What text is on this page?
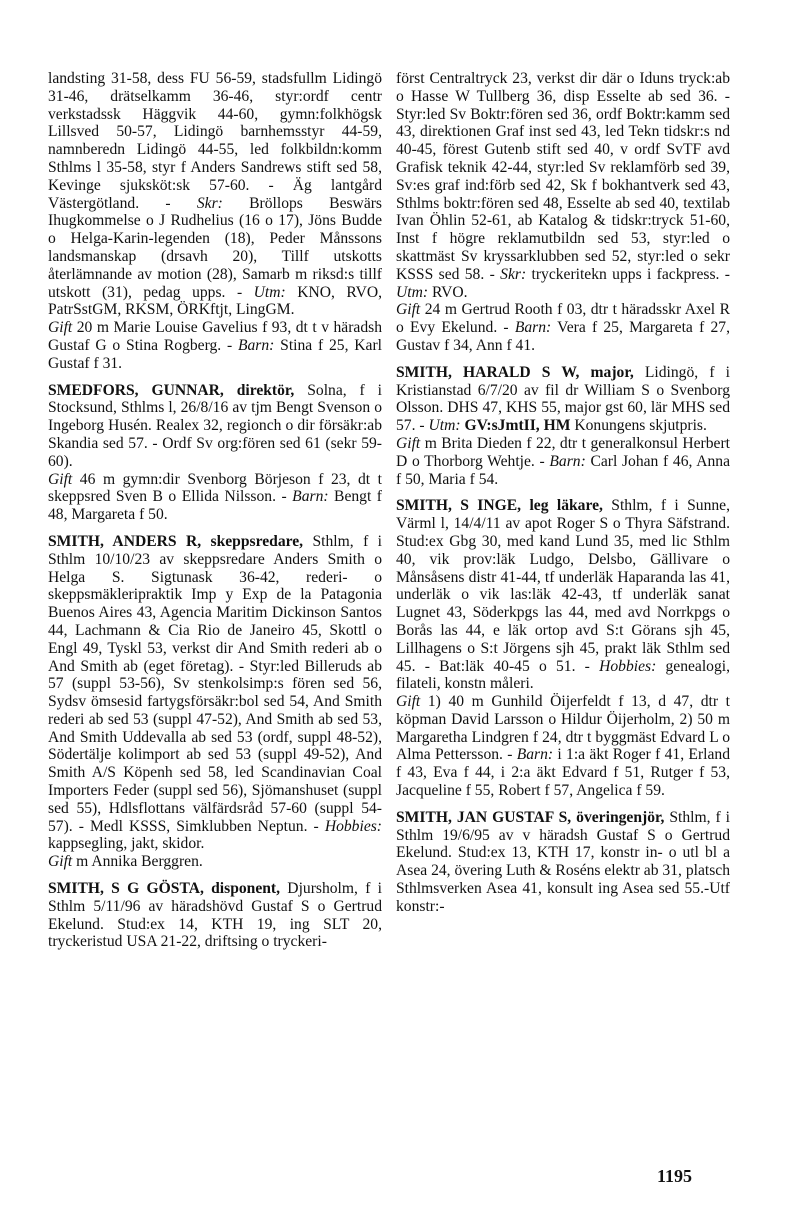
landsting 31-58, dess FU 56-59, stadsfullm Lidingö 31-46, drätselkamm 36-46, styr:ordf centr verkstadssk Häggvik 44-60, gymn:folkhögsk Lillsved 50-57, Lidingö barnhemsstyr 44-59, namnberedn Lidingö 44-55, led folkbildn:komm Sthlms l 35-58, styr f Anders Sandrews stift sed 58, Kevinge sjuksköt:sk 57-60. - Äg lantgård Västergötland. - Skr: Bröllops Beswärs Ihugkommelse o J Rudhelius (16 o 17), Jöns Budde o Helga-Karin-legenden (18), Peder Månssons landsmanskap (drsavh 20), Tillf utskotts återlämnande av motion (28), Samarb m riksd:s tillf utskott (31), pedag upps. - Utm: KNO, RVO, PatrSstGM, RKSM, ÖRKftjt, LingGM.
Gift 20 m Marie Louise Gavelius f 93, dt t v häradsh Gustaf G o Stina Rogberg. - Barn: Stina f 25, Karl Gustaf f 31.

SMEDFORS, GUNNAR, direktör, Solna, f i Stocksund, Sthlms l, 26/8/16 av tjm Bengt Svenson o Ingeborg Husén. Realex 32, regionch o dir försäkr:ab Skandia sed 57. - Ordf Sv org:fören sed 61 (sekr 59-60).
Gift 46 m gymn:dir Svenborg Börjeson f 23, dt t skeppsred Sven B o Ellida Nilsson. - Barn: Bengt f 48, Margareta f 50.

SMITH, ANDERS R, skeppsredare, Sthlm, f i Sthlm 10/10/23 av skeppsredare Anders Smith o Helga S. Sigtunask 36-42, rederi- o skeppsmäkleripraktik Imp y Exp de la Patagonia Buenos Aires 43, Agencia Maritim Dickinson Santos 44, Lachmann & Cia Rio de Janeiro 45, Skottl o Engl 49, Tyskl 53, verkst dir And Smith rederi ab o And Smith ab (eget företag). - Styr:led Billeruds ab 57 (suppl 53-56), Sv stenkolsimp:s fören sed 56, Sydsv ömsesid fartygsförsäkr:bol sed 54, And Smith rederi ab sed 53 (suppl 47-52), And Smith ab sed 53, And Smith Uddevalla ab sed 53 (ordf, suppl 48-52), Södertälje kolimport ab sed 53 (suppl 49-52), And Smith A/S Köpenh sed 58, led Scandinavian Coal Importers Feder (suppl sed 56), Sjömanshuset (suppl sed 55), Hdlsflottans välfärdsråd 57-60 (suppl 54-57). - Medl KSSS, Simklubben Neptun. - Hobbies: kappsegling, jakt, skidor.
Gift m Annika Berggren.

SMITH, S G GÖSTA, disponent, Djursholm, f i Sthlm 5/11/96 av häradshövd Gustaf S o Gertrud Ekelund. Stud:ex 14, KTH 19, ing SLT 20, tryckeristud USA 21-22, driftsing o tryckeri-

först Centraltryck 23, verkst dir där o Iduns tryck:ab o Hasse W Tullberg 36, disp Esselte ab sed 36. - Styr:led Sv Boktr:fören sed 36, ordf Boktr:kamm sed 43, direktionen Graf inst sed 43, led Tekn tidskr:s nd 40-45, förest Gutenb stift sed 40, v ordf SvTF avd Grafisk teknik 42-44, styr:led Sv reklamförb sed 39, Sv:es graf ind:förb sed 42, Sk f bokhantverk sed 43, Sthlms boktr:fören sed 48, Esselte ab sed 40, textilab Ivan Öhlin 52-61, ab Katalog & tidskr:tryck 51-60, Inst f högre reklamutbildn sed 53, styr:led o skattmäst Sv kryssarklubben sed 52, styr:led o sekr KSSS sed 58. - Skr: tryckeritekn upps i fackpress. - Utm: RVO.
Gift 24 m Gertrud Rooth f 03, dtr t häradsskr Axel R o Evy Ekelund. - Barn: Vera f 25, Margareta f 27, Gustav f 34, Ann f 41.

SMITH, HARALD S W, major, Lidingö, f i Kristianstad 6/7/20 av fil dr William S o Svenborg Olsson. DHS 47, KHS 55, major gst 60, lär MHS sed 57. - Utm: GV:sJmtII, HM Konungens skjutpris.
Gift m Brita Dieden f 22, dtr t generalkonsul Herbert D o Thorborg Wehtje. - Barn: Carl Johan f 46, Anna f 50, Maria f 54.

SMITH, S INGE, leg läkare, Sthlm, f i Sunne, Värml l, 14/4/11 av apot Roger S o Thyra Säfstrand. Stud:ex Gbg 30, med kand Lund 35, med lic Sthlm 40, vik prov:läk Ludgo, Delsbo, Gällivare o Månsåsens distr 41-44, tf underläk Haparanda las 41, underläk o vik las:läk 42-43, tf underläk sanat Lugnet 43, Söderkpgs las 44, med avd Norrkpgs o Borås las 44, e läk ortop avd S:t Görans sjh 45, Lillhagens o S:t Jörgens sjh 45, prakt läk Sthlm sed 45. - Bat:läk 40-45 o 51. - Hobbies: genealogi, filateli, konstn måleri.
Gift 1) 40 m Gunhild Öijerfeldt f 13, d 47, dtr t köpman David Larsson o Hildur Öijerholm, 2) 50 m Margaretha Lindgren f 24, dtr t byggmäst Edvard L o Alma Pettersson. - Barn: i 1:a äkt Roger f 41, Erland f 43, Eva f 44, i 2:a äkt Edvard f 51, Rutger f 53, Jacqueline f 55, Robert f 57, Angelica f 59.

SMITH, JAN GUSTAF S, överingenjör, Sthlm, f i Sthlm 19/6/95 av v häradsh Gustaf S o Gertrud Ekelund. Stud:ex 13, KTH 17, konstr in- o utl bl a Asea 24, övering Luth & Roséns elektr ab 31, platsch Sthlmsverken Asea 41, konsult ing Asea sed 55.-Utf konstr:-

1195
